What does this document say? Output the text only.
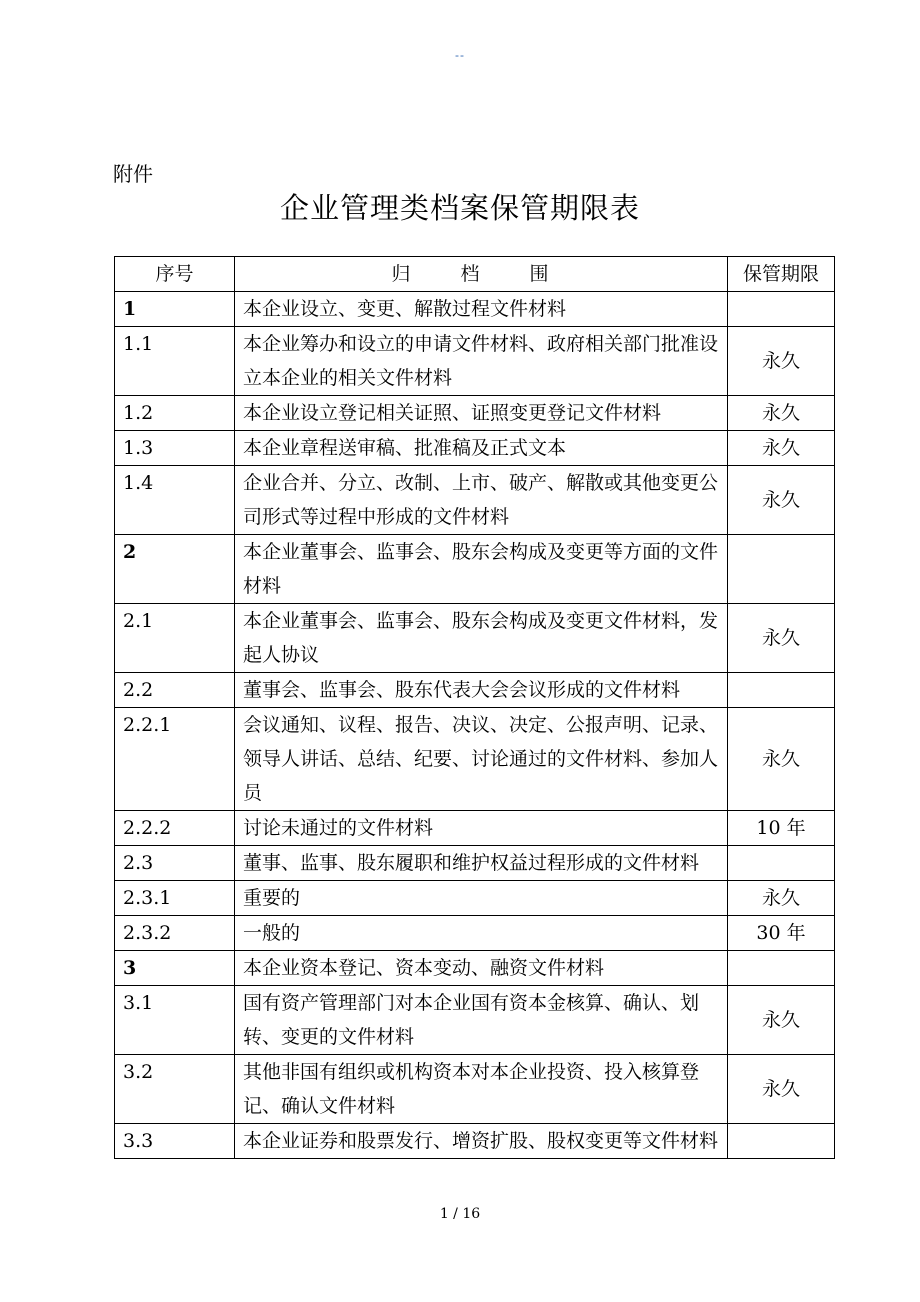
--
附件
企业管理类档案保管期限表
序号	归 档 围	保管期限
1	本企业设立、变更、解散过程文件材料	
1.1	本企业筹办和设立的申请文件材料、政府相关部门批准设立本企业的相关文件材料	永久
1.2	本企业设立登记相关证照、证照变更登记文件材料	永久
1.3	本企业章程送审稿、批准稿及正式文本	永久
1.4	企业合并、分立、改制、上市、破产、解散或其他变更公司形式等过程中形成的文件材料	永久
2	本企业董事会、监事会、股东会构成及变更等方面的文件材料	
2.1	本企业董事会、监事会、股东会构成及变更文件材料，发起人协议	永久
2.2	董事会、监事会、股东代表大会会议形成的文件材料	
2.2.1	会议通知、议程、报告、决议、决定、公报声明、记录、领导人讲话、总结、纪要、讨论通过的文件材料、参加人员	永久
2.2.2	讨论未通过的文件材料	10 年
2.3	董事、监事、股东履职和维护权益过程形成的文件材料	
2.3.1	重要的	永久
2.3.2	一般的	30 年
3	本企业资本登记、资本变动、融资文件材料	
3.1	国有资产管理部门对本企业国有资本金核算、确认、划转、变更的文件材料	永久
3.2	其他非国有组织或机构资本对本企业投资、投入核算登记、确认文件材料	永久
3.3	本企业证券和股票发行、增资扩股、股权变更等文件材料	
1 / 16
